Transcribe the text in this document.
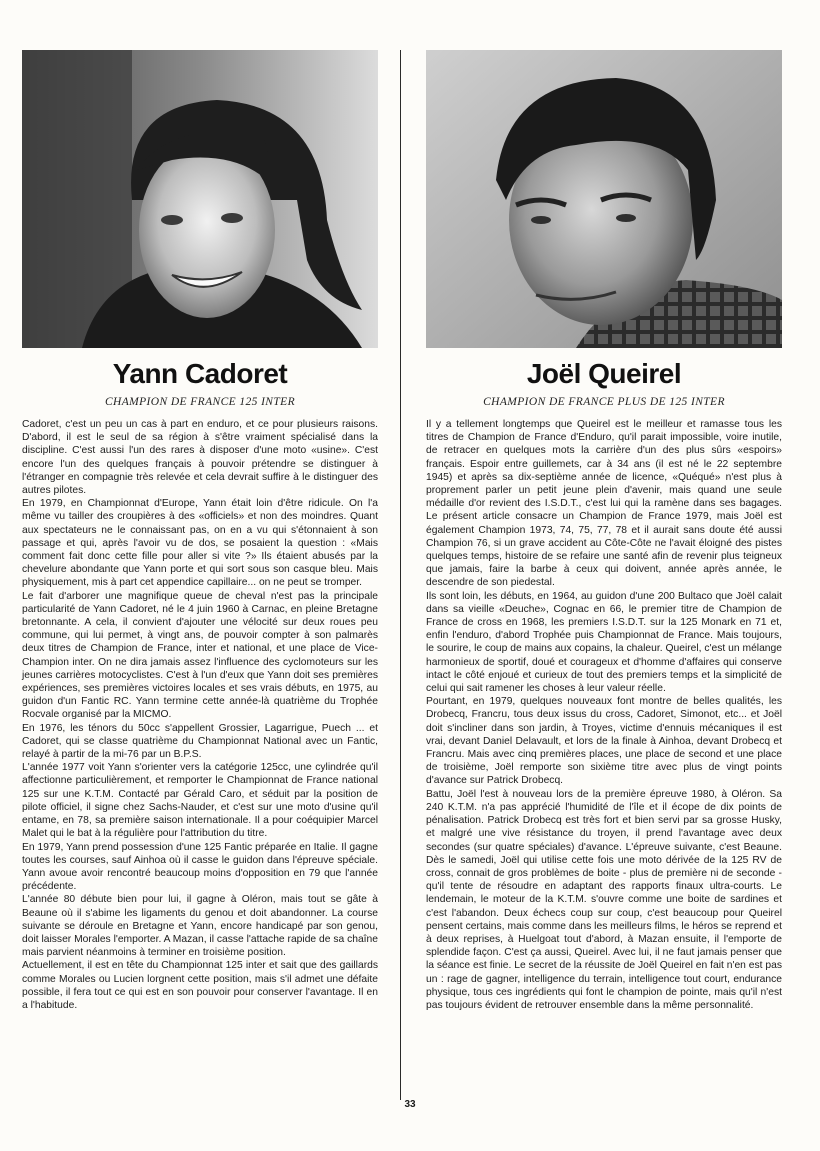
Yann Cadoret
CHAMPION DE FRANCE 125 INTER

Cadoret, c'est un peu un cas à part en enduro, et ce pour plusieurs raisons. D'abord, il est le seul de sa région à s'être vraiment spécialisé dans la discipline. C'est aussi l'un des rares à disposer d'une moto «usine». C'est encore l'un des quelques français à pouvoir prétendre se distinguer à l'étranger en compagnie très relevée et cela devrait suffire à le distinguer des autres pilotes.

En 1979, en Championnat d'Europe, Yann était loin d'être ridicule. On l'a même vu tailler des croupières à des «officiels» et non des moindres. Quant aux spectateurs ne le connaissant pas, on en a vu qui s'étonnaient à son passage et qui, après l'avoir vu de dos, se posaient la question : «Mais comment fait donc cette fille pour aller si vite ?» Ils étaient abusés par la chevelure abondante que Yann porte et qui sort sous son casque bleu. Mais physiquement, mis à part cet appendice capillaire... on ne peut se tromper.

Le fait d'arborer une magnifique queue de cheval n'est pas la principale particularité de Yann Cadoret, né le 4 juin 1960 à Carnac, en pleine Bretagne bretonnante. A cela, il convient d'ajouter une vélocité sur deux roues peu commune, qui lui permet, à vingt ans, de pouvoir compter à son palmarès deux titres de Champion de France, inter et national, et une place de Vice-Champion inter. On ne dira jamais assez l'influence des cyclomoteurs sur les jeunes carrières motocyclistes. C'est à l'un d'eux que Yann doit ses premières expériences, ses premières victoires locales et ses vrais débuts, en 1975, au guidon d'un Fantic RC. Yann termine cette année-là quatrième du Trophée Rocvale organisé par la MICMO.

En 1976, les ténors du 50cc s'appellent Grossier, Lagarrigue, Puech ... et Cadoret, qui se classe quatrième du Championnat National avec un Fantic, relayé à partir de la mi-76 par un B.P.S.

L'année 1977 voit Yann s'orienter vers la catégorie 125cc, une cylindrée qu'il affectionne particulièrement, et remporter le Championnat de France national 125 sur une K.T.M. Contacté par Gérald Caro, et séduit par la position de pilote officiel, il signe chez Sachs-Nauder, et c'est sur une moto d'usine qu'il entame, en 78, sa première saison internationale. Il a pour coéquipier Marcel Malet qui le bat à la régulière pour l'attribution du titre.

En 1979, Yann prend possession d'une 125 Fantic préparée en Italie. Il gagne toutes les courses, sauf Ainhoa où il casse le guidon dans l'épreuve spéciale. Yann avoue avoir rencontré beaucoup moins d'opposition en 79 que l'année précédente.

L'année 80 débute bien pour lui, il gagne à Oléron, mais tout se gâte à Beaune où il s'abime les ligaments du genou et doit abandonner. La course suivante se déroule en Bretagne et Yann, encore handicapé par son genou, doit laisser Morales l'emporter. A Mazan, il casse l'attache rapide de sa chaîne mais parvient néanmoins à terminer en troisième position.

Actuellement, il est en tête du Championnat 125 inter et sait que des gaillards comme Morales ou Lucien lorgnent cette position, mais s'il admet une défaite possible, il fera tout ce qui est en son pouvoir pour conserver l'avantage. Il en a l'habitude.

Joël Queirel
CHAMPION DE FRANCE PLUS DE 125 INTER

Il y a tellement longtemps que Queirel est le meilleur et ramasse tous les titres de Champion de France d'Enduro, qu'il parait impossible, voire inutile, de retracer en quelques mots la carrière d'un des plus sûrs «espoirs» français. Espoir entre guillemets, car à 34 ans (il est né le 22 septembre 1945) et après sa dix-septième année de licence, «Quéqué» n'est plus à proprement parler un petit jeune plein d'avenir, mais quand une seule médaille d'or revient des I.S.D.T., c'est lui qui la ramène dans ses bagages. Le présent article consacre un Champion de France 1979, mais Joël est également Champion 1973, 74, 75, 77, 78 et il aurait sans doute été aussi Champion 76, si un grave accident au Côte-Côte ne l'avait éloigné des pistes quelques temps, histoire de se refaire une santé afin de revenir plus teigneux que jamais, faire la barbe à ceux qui doivent, année après année, le descendre de son piedestal.

Ils sont loin, les débuts, en 1964, au guidon d'une 200 Bultaco que Joël calait dans sa vieille «Deuche», Cognac en 66, le premier titre de Champion de France de cross en 1968, les premiers I.S.D.T. sur la 125 Monark en 71 et, enfin l'enduro, d'abord Trophée puis Championnat de France. Mais toujours, le sourire, le coup de mains aux copains, la chaleur. Queirel, c'est un mélange harmonieux de sportif, doué et courageux et d'homme d'affaires qui conserve intact le côté enjoué et curieux de tout des premiers temps et la simplicité de celui qui sait ramener les choses à leur valeur réelle.

Pourtant, en 1979, quelques nouveaux font montre de belles qualités, les Drobecq, Francru, tous deux issus du cross, Cadoret, Simonot, etc... et Joël doit s'incliner dans son jardin, à Troyes, victime d'ennuis mécaniques il est vrai, devant Daniel Delavault, et lors de la finale à Ainhoa, devant Drobecq et Francru. Mais avec cinq premières places, une place de second et une place de troisième, Joël remporte son sixième titre avec plus de vingt points d'avance sur Patrick Drobecq.

Battu, Joël l'est à nouveau lors de la première épreuve 1980, à Oléron. Sa 240 K.T.M. n'a pas apprécié l'humidité de l'île et il écope de dix points de pénalisation. Patrick Drobecq est très fort et bien servi par sa grosse Husky, et malgré une vive résistance du troyen, il prend l'avantage avec deux secondes (sur quatre spéciales) d'avance. L'épreuve suivante, c'est Beaune. Dès le samedi, Joël qui utilise cette fois une moto dérivée de la 125 RV de cross, connait de gros problèmes de boite - plus de première ni de seconde - qu'il tente de résoudre en adaptant des rapports finaux ultra-courts. Le lendemain, le moteur de la K.T.M. s'ouvre comme une boite de sardines et c'est l'abandon. Deux échecs coup sur coup, c'est beaucoup pour Queirel pensent certains, mais comme dans les meilleurs films, le héros se reprend et à deux reprises, à Huelgoat tout d'abord, à Mazan ensuite, il l'emporte de splendide façon. C'est ça aussi, Queirel. Avec lui, il ne faut jamais penser que la séance est finie. Le secret de la réussite de Joël Queirel en fait n'en est pas un : rage de gagner, intelligence du terrain, intelligence tout court, endurance physique, tous ces ingrédients qui font le champion de pointe, mais qu'il n'est pas toujours évident de retrouver ensemble dans la même personnalité.

33
